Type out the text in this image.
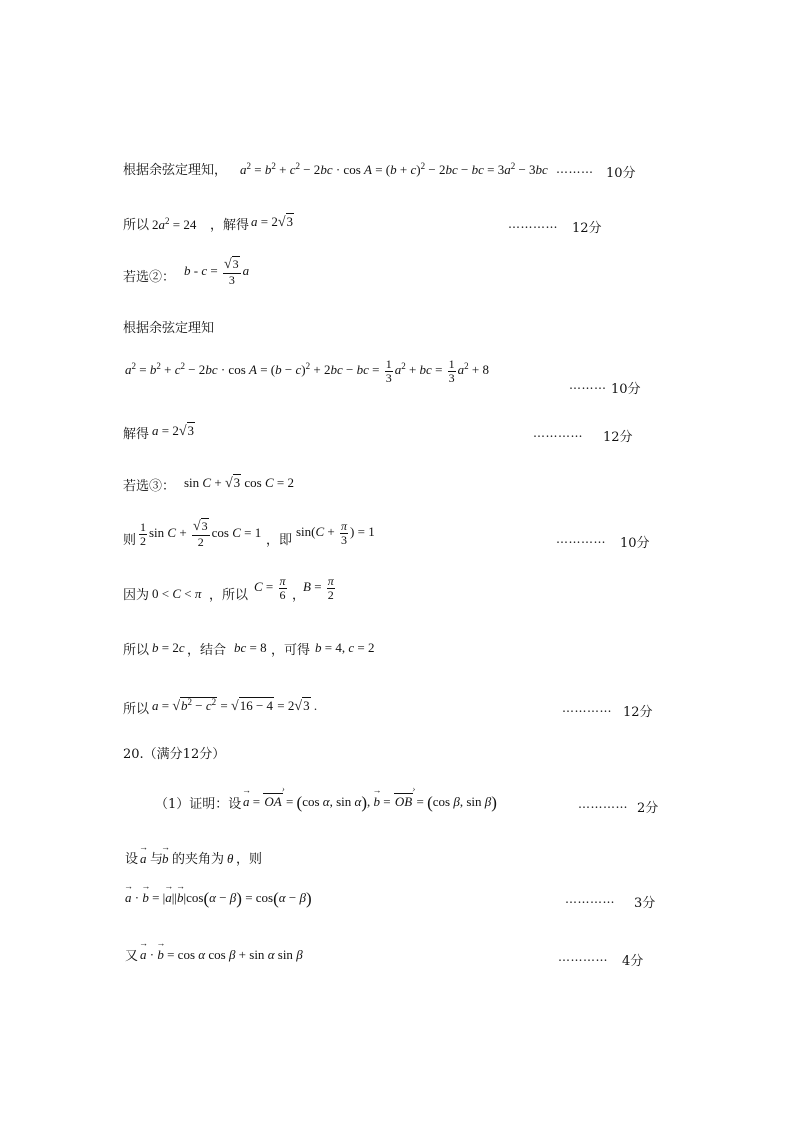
根据余弦定理知， $a^2 = b^2 + c^2 - 2bc \cdot \cos A = (b + c)^2 - 2bc$ − bc = $3a^2 - 3bc$ ……… 10分
所以 $2a^2 = 24$ ，解得 a = 2√3	………… 12分
若选②： $b - c = \frac{√3}{3}$ a
根据余弦定理知
$a^2 = b^2 + c^2 - 2bc \cdot \cos A = (b - c)^2 + 2bc$ − bc = $\frac{1}{3} a^2$ + bc = $\frac{1}{3} a^2 + 8$
……… 10分
解得 a = 2√3	………… 12分
若选③： sin C + √3 cos C = 2
则 $\frac{1}{2}$ $\sin C + \frac{√3}{2}$ cos C = 1
，即
$\sin(C + \frac{\pi}{3}$ ) = 1	………… 10分
因为 0 < C < π ，所以
$C = \frac{\pi}{6}$ ，
$B = \frac{\pi}{2}$
所以 b = 2c ，结合 bc = 8 ，可得 b = 4, c = 2
所以 $a = √b^2 - c^2 = √16 - 4 = 2√3$ .	………… 12分
20.（满分12分）
（1）证明：设 → a = OA › = (cos α, sin α), → b = OB › = (cos β, sin β)	………… 2分
设 → a 与
→ b 的夹角为 θ ，则
→ a · → b = |→ a||→ b|cos(α − β) = cos(α − β)	………… 3分
又 → a · → b = cos α cos β + sin α sin β	………… 4分
